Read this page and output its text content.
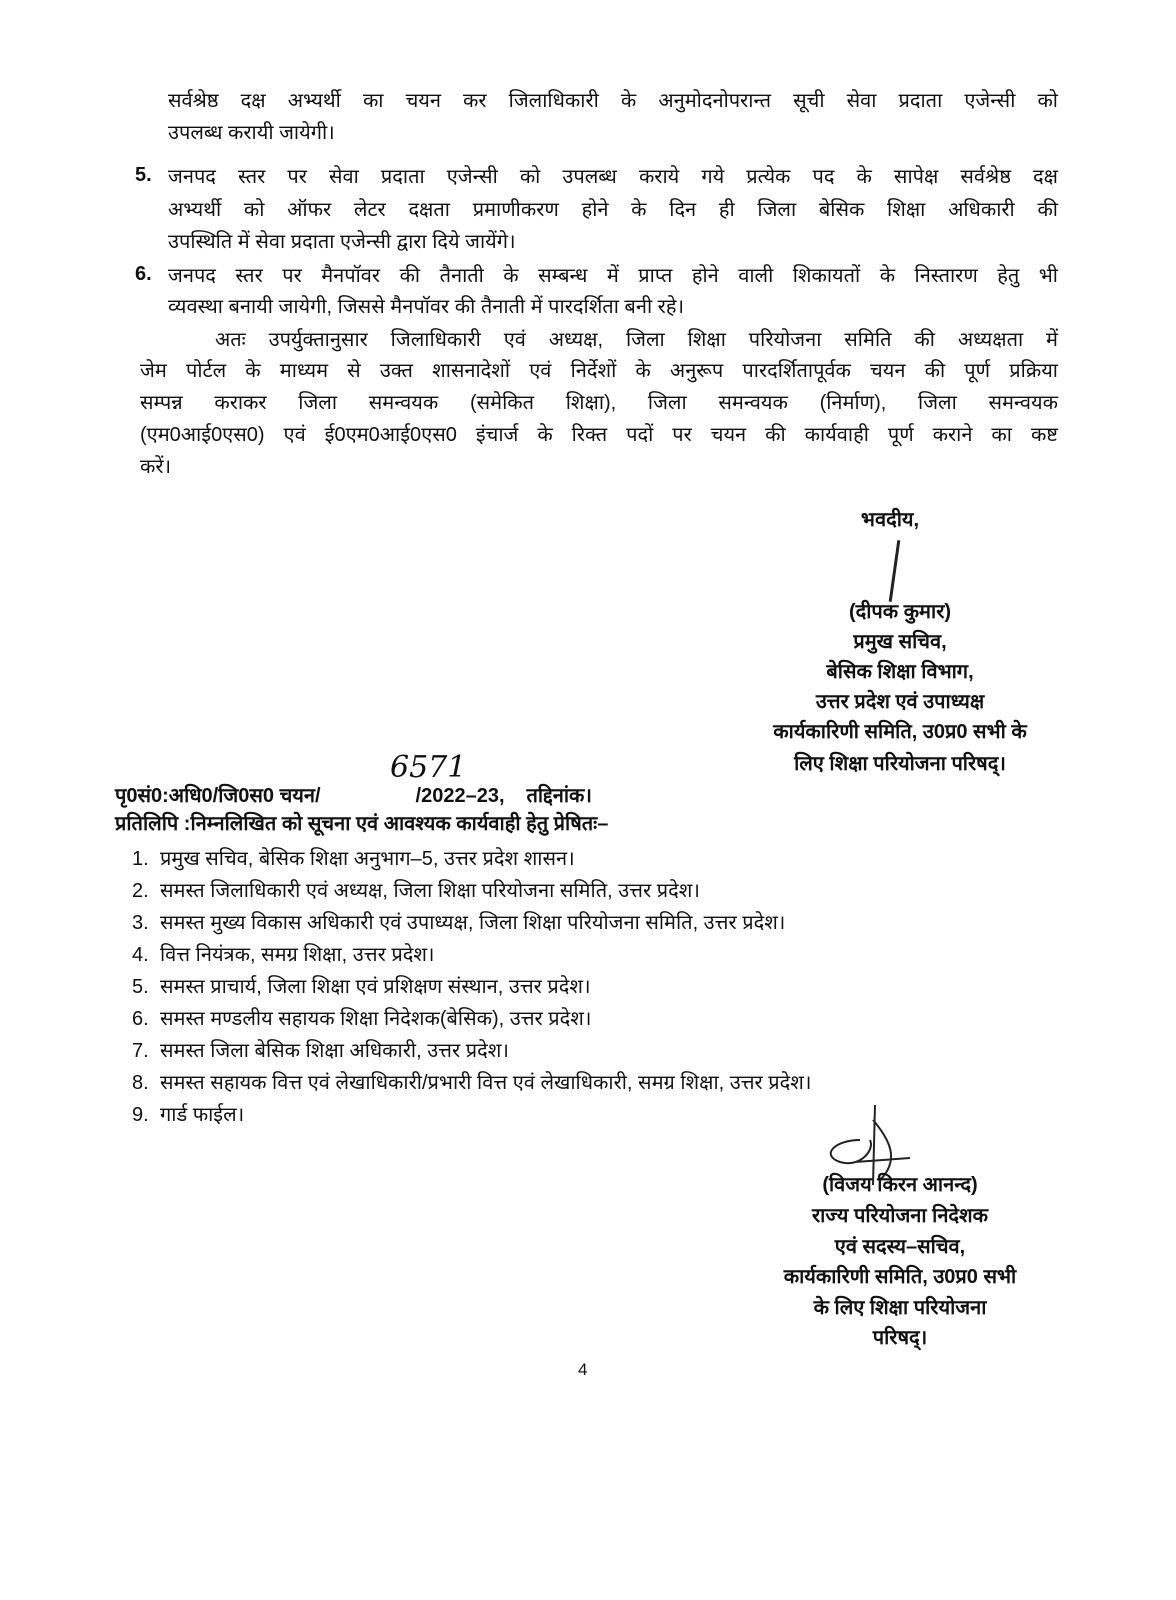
सर्वश्रेष्ठ दक्ष अभ्यर्थी का चयन कर जिलाधिकारी के अनुमोदनोपरान्त सूची सेवा प्रदाता एजेन्सी को
उपलब्ध करायी जायेगी।
5. जनपद स्तर पर सेवा प्रदाता एजेन्सी को उपलब्ध कराये गये प्रत्येक पद के सापेक्ष सर्वश्रेष्ठ दक्ष
अभ्यर्थी को ऑफर लेटर दक्षता प्रमाणीकरण होने के दिन ही जिला बेसिक शिक्षा अधिकारी की
उपस्थिति में सेवा प्रदाता एजेन्सी द्वारा दिये जायेंगे।
6. जनपद स्तर पर मैनपॉवर की तैनाती के सम्बन्ध में प्राप्त होने वाली शिकायतों के निस्तारण हेतु भी
व्यवस्था बनायी जायेगी, जिससे मैनपॉवर की तैनाती में पारदर्शिता बनी रहे।
अतः उपर्युक्तानुसार जिलाधिकारी एवं अध्यक्ष, जिला शिक्षा परियोजना समिति की अध्यक्षता में
जेम पोर्टल के माध्यम से उक्त शासनादेशों एवं निर्देशों के अनुरूप पारदर्शितापूर्वक चयन की पूर्ण प्रक्रिया
सम्पन्न कराकर जिला समन्वयक (समेकित शिक्षा), जिला समन्वयक (निर्माण), जिला समन्वयक
(एम0आई0एस0) एवं ई0एम0आई0एस0 इंचार्ज के रिक्त पदों पर चयन की कार्यवाही पूर्ण कराने का कष्ट
करें।
भवदीय,
(दीपक कुमार)
प्रमुख सचिव,
बेसिक शिक्षा विभाग,
उत्तर प्रदेश एवं उपाध्यक्ष
कार्यकारिणी समिति, उ0प्र0 सभी के
लिए शिक्षा परियोजना परिषद्।
पृ0सं0:अधि0/जि0स0 चयन/	/2022–23, तद्दिनांक।
6571
प्रतिलिपि :निम्नलिखित को सूचना एवं आवश्यक कार्यवाही हेतु प्रेषितः–
1. प्रमुख सचिव, बेसिक शिक्षा अनुभाग–5, उत्तर प्रदेश शासन।
2. समस्त जिलाधिकारी एवं अध्यक्ष, जिला शिक्षा परियोजना समिति, उत्तर प्रदेश।
3. समस्त मुख्य विकास अधिकारी एवं उपाध्यक्ष, जिला शिक्षा परियोजना समिति, उत्तर प्रदेश।
4. वित्त नियंत्रक, समग्र शिक्षा, उत्तर प्रदेश।
5. समस्त प्राचार्य, जिला शिक्षा एवं प्रशिक्षण संस्थान, उत्तर प्रदेश।
6. समस्त मण्डलीय सहायक शिक्षा निदेशक(बेसिक), उत्तर प्रदेश।
7. समस्त जिला बेसिक शिक्षा अधिकारी, उत्तर प्रदेश।
8. समस्त सहायक वित्त एवं लेखाधिकारी/प्रभारी वित्त एवं लेखाधिकारी, समग्र शिक्षा, उत्तर प्रदेश।
9. गार्ड फाईल।
(विजय किरन आनन्द)
राज्य परियोजना निदेशक
एवं सदस्य–सचिव,
कार्यकारिणी समिति, उ0प्र0 सभी
के लिए शिक्षा परियोजना
परिषद्।
4
